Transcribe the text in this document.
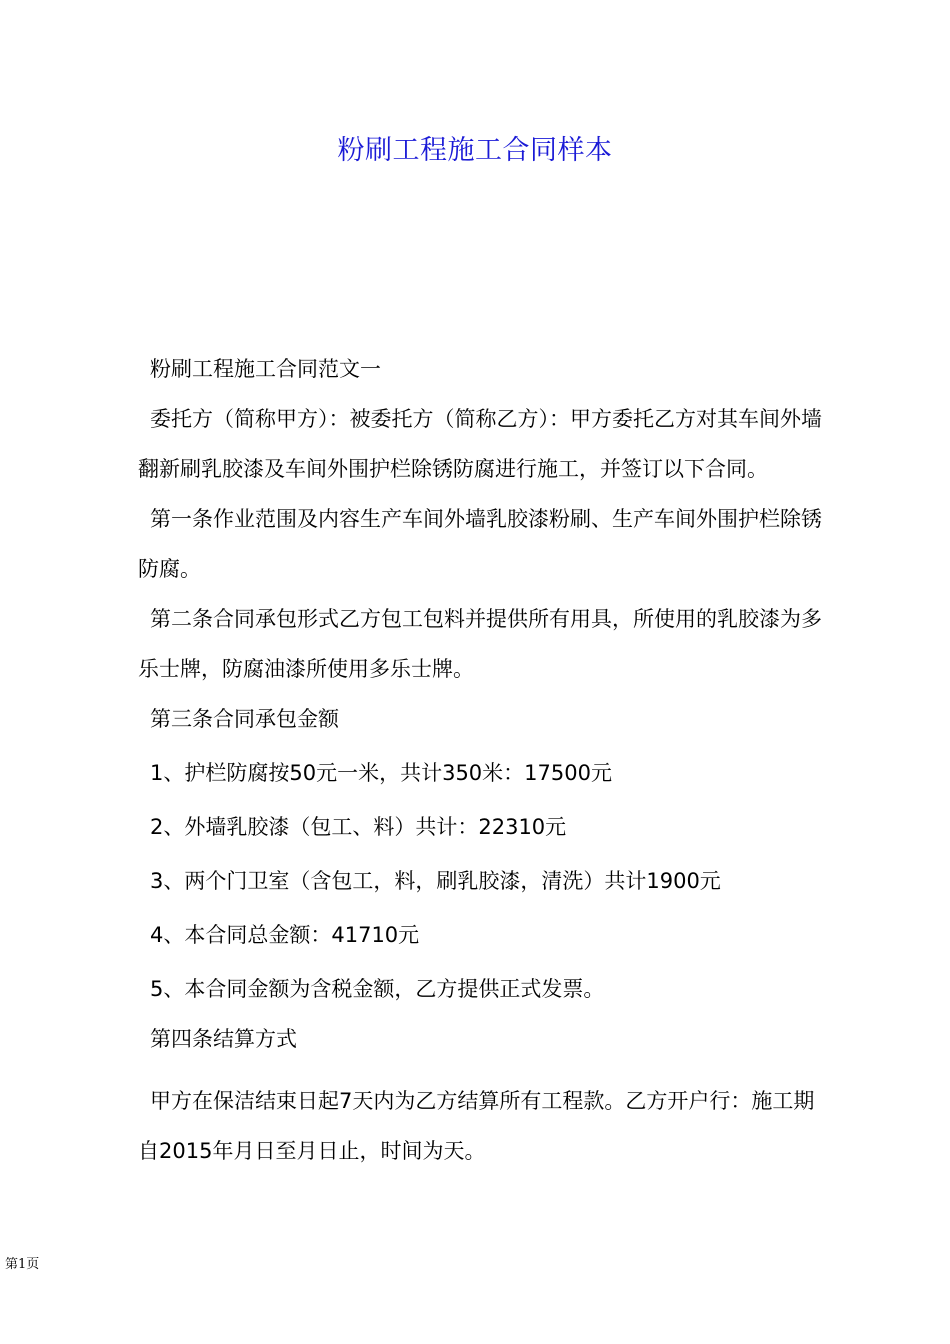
粉刷工程施工合同样本

粉刷工程施工合同范文一

委托方（简称甲方）：被委托方（简称乙方）：甲方委托乙方对其车间外墙翻新刷乳胶漆及车间外围护栏除锈防腐进行施工，并签订以下合同。

第一条作业范围及内容生产车间外墙乳胶漆粉刷、生产车间外围护栏除锈防腐。

第二条合同承包形式乙方包工包料并提供所有用具，所使用的乳胶漆为多乐士牌，防腐油漆所使用多乐士牌。

第三条合同承包金额

1、护栏防腐按50元一米，共计350米：17500元

2、外墙乳胶漆（包工、料）共计：22310元

3、两个门卫室（含包工，料，刷乳胶漆，清洗）共计1900元

4、本合同总金额：41710元

5、本合同金额为含税金额，乙方提供正式发票。

第四条结算方式

甲方在保洁结束日起7天内为乙方结算所有工程款。乙方开户行：施工期自2015年月日至月日止，时间为天。

第1页
